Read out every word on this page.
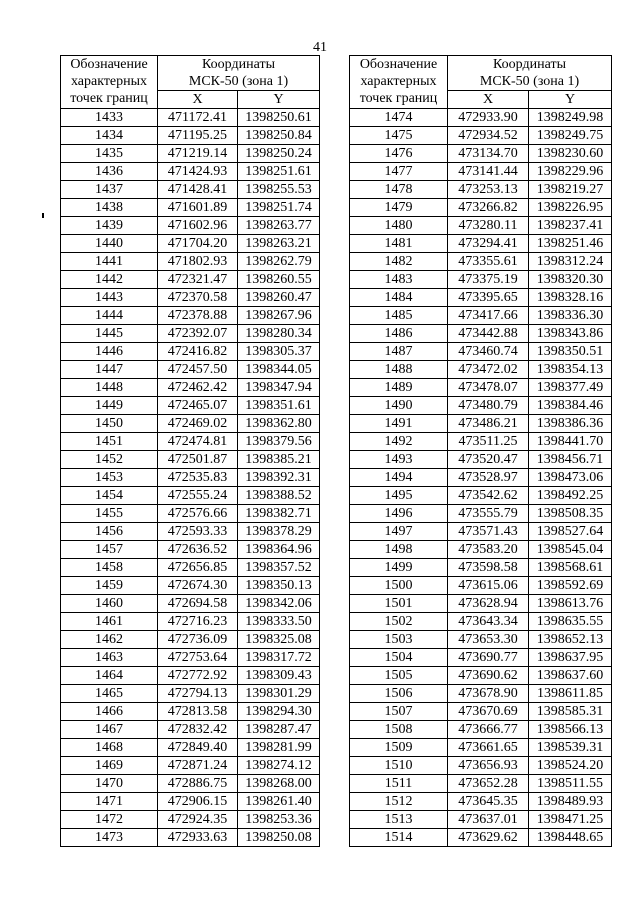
41
Обозначение
характерных
точек границ	Координаты
МСК-50 (зона 1)	

	X	Y
1433	471172.41	1398250.61
1434	471195.25	1398250.84
1435	471219.14	1398250.24
1436	471424.93	1398251.61
1437	471428.41	1398255.53
1438	471601.89	1398251.74
1439	471602.96	1398263.77
1440	471704.20	1398263.21
1441	471802.93	1398262.79
1442	472321.47	1398260.55
1443	472370.58	1398260.47
1444	472378.88	1398267.96
1445	472392.07	1398280.34
1446	472416.82	1398305.37
1447	472457.50	1398344.05
1448	472462.42	1398347.94
1449	472465.07	1398351.61
1450	472469.02	1398362.80
1451	472474.81	1398379.56
1452	472501.87	1398385.21
1453	472535.83	1398392.31
1454	472555.24	1398388.52
1455	472576.66	1398382.71
1456	472593.33	1398378.29
1457	472636.52	1398364.96
1458	472656.85	1398357.52
1459	472674.30	1398350.13
1460	472694.58	1398342.06
1461	472716.23	1398333.50
1462	472736.09	1398325.08
1463	472753.64	1398317.72
1464	472772.92	1398309.43
1465	472794.13	1398301.29
1466	472813.58	1398294.30
1467	472832.42	1398287.47
1468	472849.40	1398281.99
1469	472871.24	1398274.12
1470	472886.75	1398268.00
1471	472906.15	1398261.40
1472	472924.35	1398253.36
1473	472933.63	1398250.08
Обозначение
характерных
точек границ	Координаты
МСК-50 (зона 1)	

	X	Y
1474	472933.90	1398249.98
1475	472934.52	1398249.75
1476	473134.70	1398230.60
1477	473141.44	1398229.96
1478	473253.13	1398219.27
1479	473266.82	1398226.95
1480	473280.11	1398237.41
1481	473294.41	1398251.46
1482	473355.61	1398312.24
1483	473375.19	1398320.30
1484	473395.65	1398328.16
1485	473417.66	1398336.30
1486	473442.88	1398343.86
1487	473460.74	1398350.51
1488	473472.02	1398354.13
1489	473478.07	1398377.49
1490	473480.79	1398384.46
1491	473486.21	1398386.36
1492	473511.25	1398441.70
1493	473520.47	1398456.71
1494	473528.97	1398473.06
1495	473542.62	1398492.25
1496	473555.79	1398508.35
1497	473571.43	1398527.64
1498	473583.20	1398545.04
1499	473598.58	1398568.61
1500	473615.06	1398592.69
1501	473628.94	1398613.76
1502	473643.34	1398635.55
1503	473653.30	1398652.13
1504	473690.77	1398637.95
1505	473690.62	1398637.60
1506	473678.90	1398611.85
1507	473670.69	1398585.31
1508	473666.77	1398566.13
1509	473661.65	1398539.31
1510	473656.93	1398524.20
1511	473652.28	1398511.55
1512	473645.35	1398489.93
1513	473637.01	1398471.25
1514	473629.62	1398448.65
